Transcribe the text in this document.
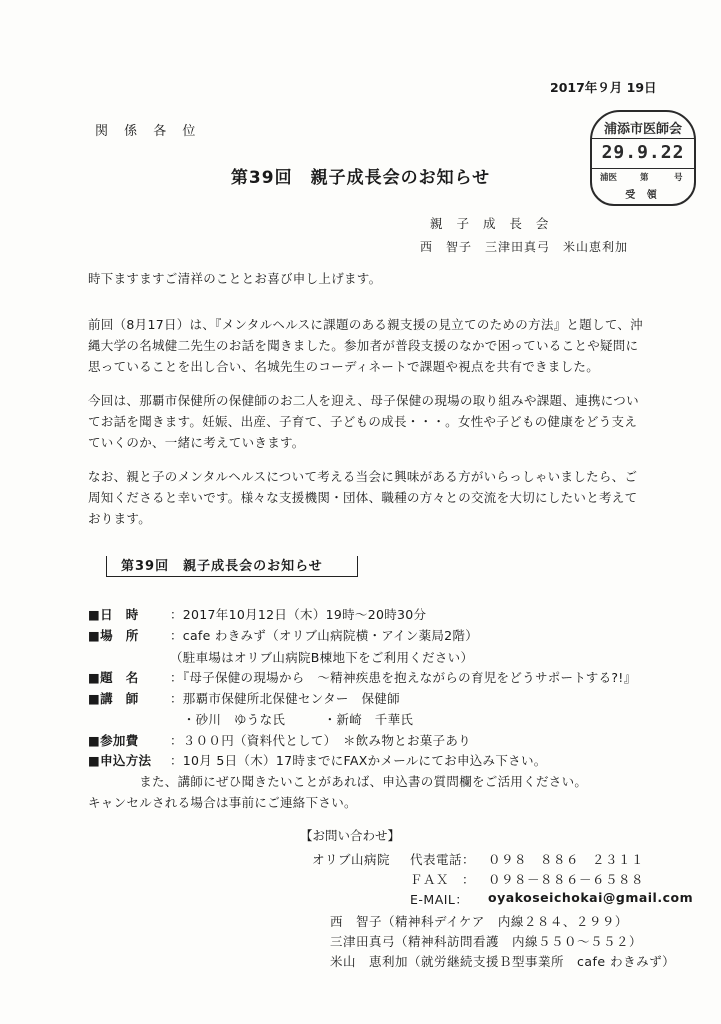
2017年９月 19日
関 係 各 位	浦添市医師会
29.9.22
浦医	第	号
受 領
第39回　親子成長会のお知らせ
親 子 成 長 会
西　智子　三津田真弓　米山恵利加
時下ますますご清祥のこととお喜び申し上げます。
前回（8月17日）は、『メンタルヘルスに課題のある親支援の見立てのための方法』と題して、沖縄大学の名城健二先生のお話を聞きました。参加者が普段支援のなかで困っていることや疑問に思っていることを出し合い、名城先生のコーディネートで課題や視点を共有できました。
今回は、那覇市保健所の保健師のお二人を迎え、母子保健の現場の取り組みや課題、連携についてお話を聞きます。妊娠、出産、子育て、子どもの成長・・・。女性や子どもの健康をどう支えていくのか、一緒に考えていきます。
なお、親と子のメンタルヘルスについて考える当会に興味がある方がいらっしゃいましたら、ご周知くださると幸いです。様々な支援機関・団体、職種の方々との交流を大切にしたいと考えております。
第39回　親子成長会のお知らせ
■日　時	：2017年10月12日（木）19時～20時30分
■場　所	：cafe わきみず（オリブ山病院横・アイン薬局2階）
（駐車場はオリブ山病院B棟地下をご利用ください）
■題　名	：『母子保健の現場から　～精神疾患を抱えながらの育児をどうサポートする?!』
■講　師	：那覇市保健所北保健センター　保健師
　・砂川　ゆうな氏　　　・新崎　千華氏
■参加費	：３００円（資料代として）　＊飲み物とお菓子あり
■申込方法 ：10月 5日（木）17時までにFAXかメールにてお申込み下さい。
　　　　また、講師にぜひ聞きたいことがあれば、申込書の質問欄をご活用ください。
キャンセルされる場合は事前にご連絡下さい。
【お問い合わせ】
オリブ山病院 代表電話： ０９８　８８６　２３１１
ＦＡＸ　： ０９８－８８６－６５８８
E-MAIL： oyakoseichokai@gmail.com
西　智子（精神科デイケア　内線２８４、２９９）
三津田真弓（精神科訪問看護　内線５５０～５５２）
米山　恵利加（就労継続支援Ｂ型事業所　cafe わきみず）
